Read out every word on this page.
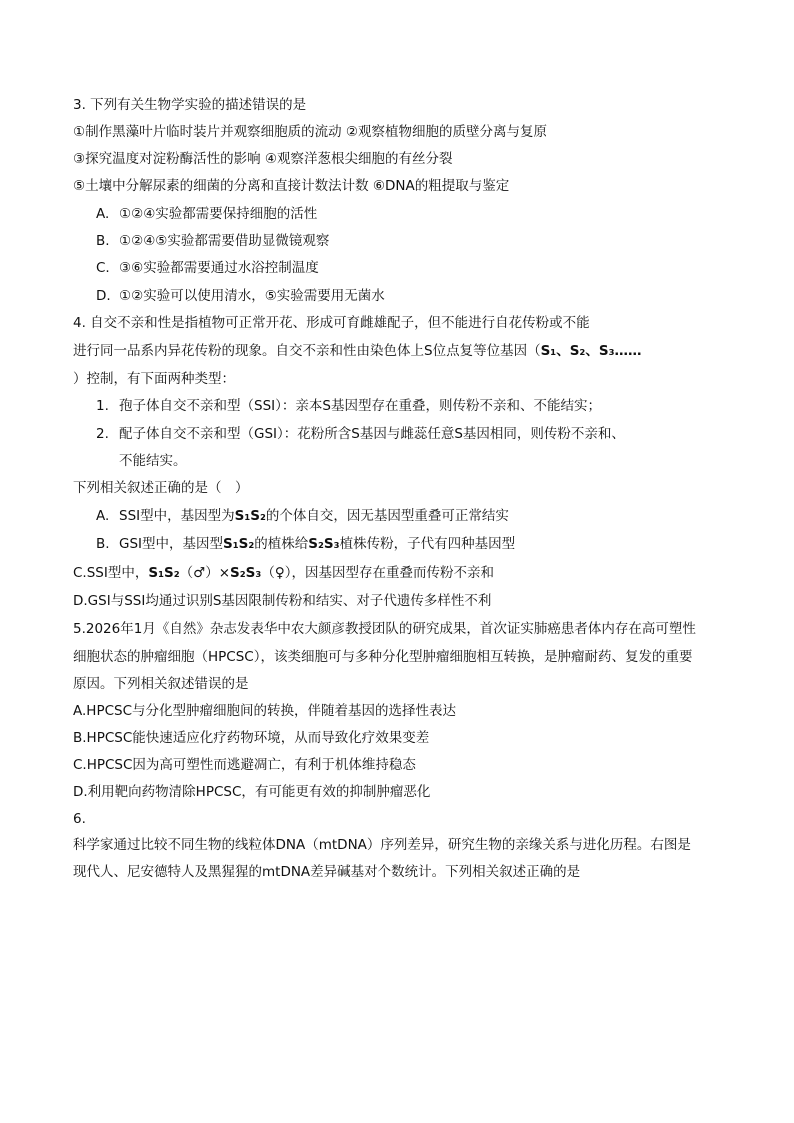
3. 下列有关生物学实验的描述错误的是
①制作黑藻叶片临时装片并观察细胞质的流动 ②观察植物细胞的质壁分离与复原
③探究温度对淀粉酶活性的影响 ④观察洋葱根尖细胞的有丝分裂
⑤土壤中分解尿素的细菌的分离和直接计数法计数 ⑥DNA的粗提取与鉴定
A. ①②④实验都需要保持细胞的活性
B. ①②④⑤实验都需要借助显微镜观察
C. ③⑥实验都需要通过水浴控制温度
D. ①②实验可以使用清水，⑤实验需要用无菌水
4. 自交不亲和性是指植物可正常开花、形成可育雌雄配子，但不能进行自花传粉或不能
进行同一品系内异花传粉的现象。自交不亲和性由染色体上S位点复等位基因（S₁、S₂、S₃……
）控制，有下面两种类型：
1. 孢子体自交不亲和型（SSI）：亲本S基因型存在重叠，则传粉不亲和、不能结实；
2. 配子体自交不亲和型（GSI）：花粉所含S基因与雌蕊任意S基因相同，则传粉不亲和、
不能结实。
下列相关叙述正确的是（　）
A. SSI型中，基因型为S₁S₂的个体自交，因无基因型重叠可正常结实
B. GSI型中，基因型S₁S₂的植株给S₂S₃植株传粉，子代有四种基因型
C.SSI型中，S₁S₂（♂）×S₂S₃（♀），因基因型存在重叠而传粉不亲和
D.GSI与SSI均通过识别S基因限制传粉和结实、对子代遗传多样性不利
5.2026年1月《自然》杂志发表华中农大颜彦教授团队的研究成果，首次证实肺癌患者体内存在高可塑性
细胞状态的肿瘤细胞（HPCSC），该类细胞可与多种分化型肿瘤细胞相互转换，是肿瘤耐药、复发的重要
原因。下列相关叙述错误的是
A.HPCSC与分化型肿瘤细胞间的转换，伴随着基因的选择性表达
B.HPCSC能快速适应化疗药物环境，从而导致化疗效果变差
C.HPCSC因为高可塑性而逃避凋亡，有利于机体维持稳态
D.利用靶向药物清除HPCSC，有可能更有效的抑制肿瘤恶化
6.
科学家通过比较不同生物的线粒体DNA（mtDNA）序列差异，研究生物的亲缘关系与进化历程。右图是
现代人、尼安德特人及黑猩猩的mtDNA差异碱基对个数统计。下列相关叙述正确的是
